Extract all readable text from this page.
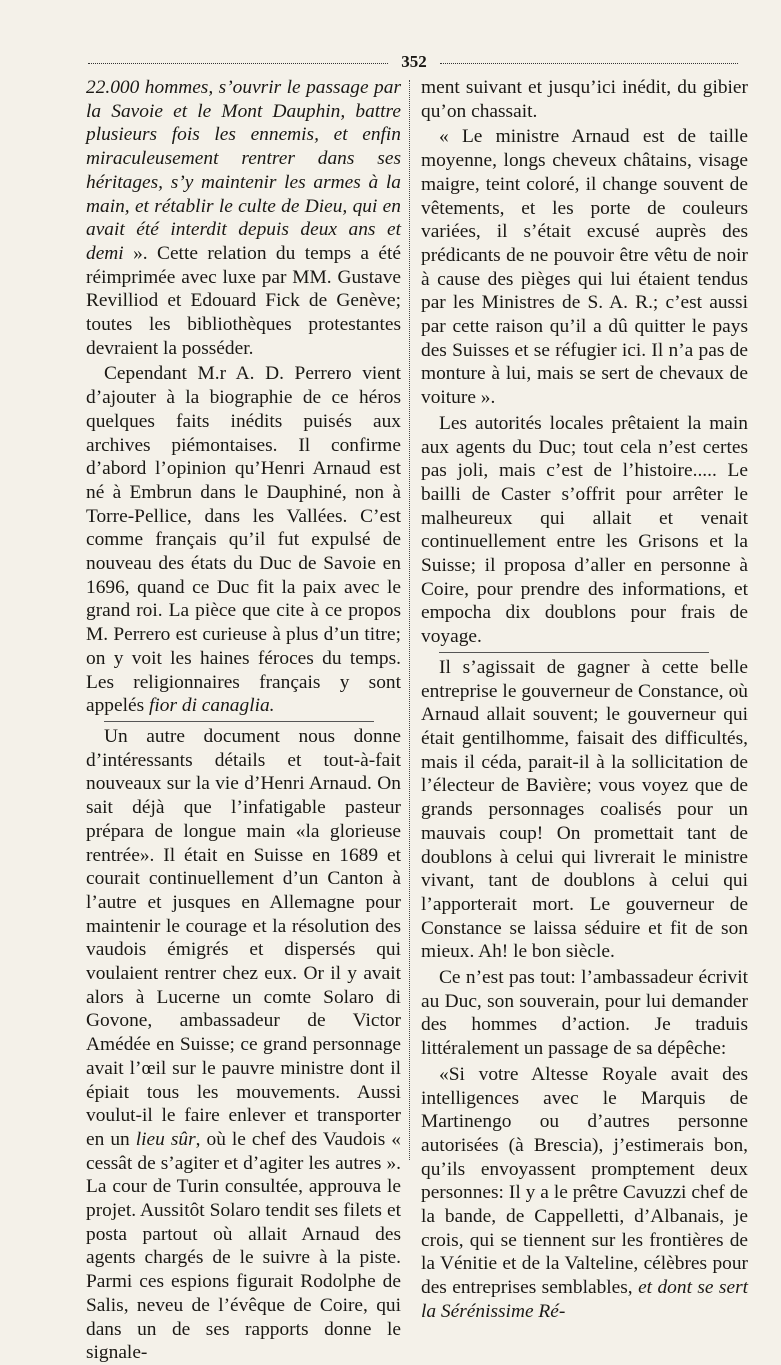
352

22.000 hommes, s’ouvrir le passage par la Savoie et le Mont Dauphin, battre plusieurs fois les ennemis, et enfin miraculeusement rentrer dans ses héritages, s’y maintenir les armes à la main, et rétablir le culte de Dieu, qui en avait été interdit depuis deux ans et demi ». Cette relation du temps a été réimprimée avec luxe par MM. Gustave Revilliod et Edouard Fick de Genève; toutes les bibliothèques protestantes devraient la posséder.

Cependant M.r A. D. Perrero vient d’ajouter à la biographie de ce héros quelques faits inédits puisés aux archives piémontaises. Il confirme d’abord l’opinion qu’Henri Arnaud est né à Embrun dans le Dauphiné, non à Torre-Pellice, dans les Vallées. C’est comme français qu’il fut expulsé de nouveau des états du Duc de Savoie en 1696, quand ce Duc fit la paix avec le grand roi. La pièce que cite à ce propos M. Perrero est curieuse à plus d’un titre; on y voit les haines féroces du temps. Les religionnaires français y sont appelés fior di canaglia.

Un autre document nous donne d’intéressants détails et tout-à-fait nouveaux sur la vie d’Henri Arnaud. On sait déjà que l’infatigable pasteur prépara de longue main «la glorieuse rentrée». Il était en Suisse en 1689 et courait continuellement d’un Canton à l’autre et jusques en Allemagne pour maintenir le courage et la résolution des vaudois émigrés et dispersés qui voulaient rentrer chez eux. Or il y avait alors à Lucerne un comte Solaro di Govone, ambassadeur de Victor Amédée en Suisse; ce grand personnage avait l’œil sur le pauvre ministre dont il épiait tous les mouvements. Aussi voulut-il le faire enlever et transporter en un lieu sûr, où le chef des Vaudois « cessât de s’agiter et d’agiter les autres ». La cour de Turin consultée, approuva le projet. Aussitôt Solaro tendit ses filets et posta partout où allait Arnaud des agents chargés de le suivre à la piste. Parmi ces espions figurait Rodolphe de Salis, neveu de l’évêque de Coire, qui dans un de ses rapports donne le signale-

ment suivant et jusqu’ici inédit, du gibier qu’on chassait.

« Le ministre Arnaud est de taille moyenne, longs cheveux châtains, visage maigre, teint coloré, il change souvent de vêtements, et les porte de couleurs variées, il s’était excusé auprès des prédicants de ne pouvoir être vêtu de noir à cause des pièges qui lui étaient tendus par les Ministres de S. A. R.; c’est aussi par cette raison qu’il a dû quitter le pays des Suisses et se réfugier ici. Il n’a pas de monture à lui, mais se sert de chevaux de voiture ».

Les autorités locales prêtaient la main aux agents du Duc; tout cela n’est certes pas joli, mais c’est de l’histoire..... Le bailli de Caster s’offrit pour arrêter le malheureux qui allait et venait continuellement entre les Grisons et la Suisse; il proposa d’aller en personne à Coire, pour prendre des informations, et empocha dix doublons pour frais de voyage.

Il s’agissait de gagner à cette belle entreprise le gouverneur de Constance, où Arnaud allait souvent; le gouverneur qui était gentilhomme, faisait des difficultés, mais il céda, parait-il à la sollicitation de l’électeur de Bavière; vous voyez que de grands personnages coalisés pour un mauvais coup! On promettait tant de doublons à celui qui livrerait le ministre vivant, tant de doublons à celui qui l’apporterait mort. Le gouverneur de Constance se laissa séduire et fit de son mieux. Ah! le bon siècle.

Ce n’est pas tout: l’ambassadeur écrivit au Duc, son souverain, pour lui demander des hommes d’action. Je traduis littéralement un passage de sa dépêche:

«Si votre Altesse Royale avait des intelligences avec le Marquis de Martinengo ou d’autres personne autorisées (à Brescia), j’estimerais bon, qu’ils envoyassent promptement deux personnes: Il y a le prêtre Cavuzzi chef de la bande, de Cappelletti, d’Albanais, je crois, qui se tiennent sur les frontières de la Vénitie et de la Valteline, célèbres pour des entreprises semblables, et dont se sert la Sérénissime Ré-
